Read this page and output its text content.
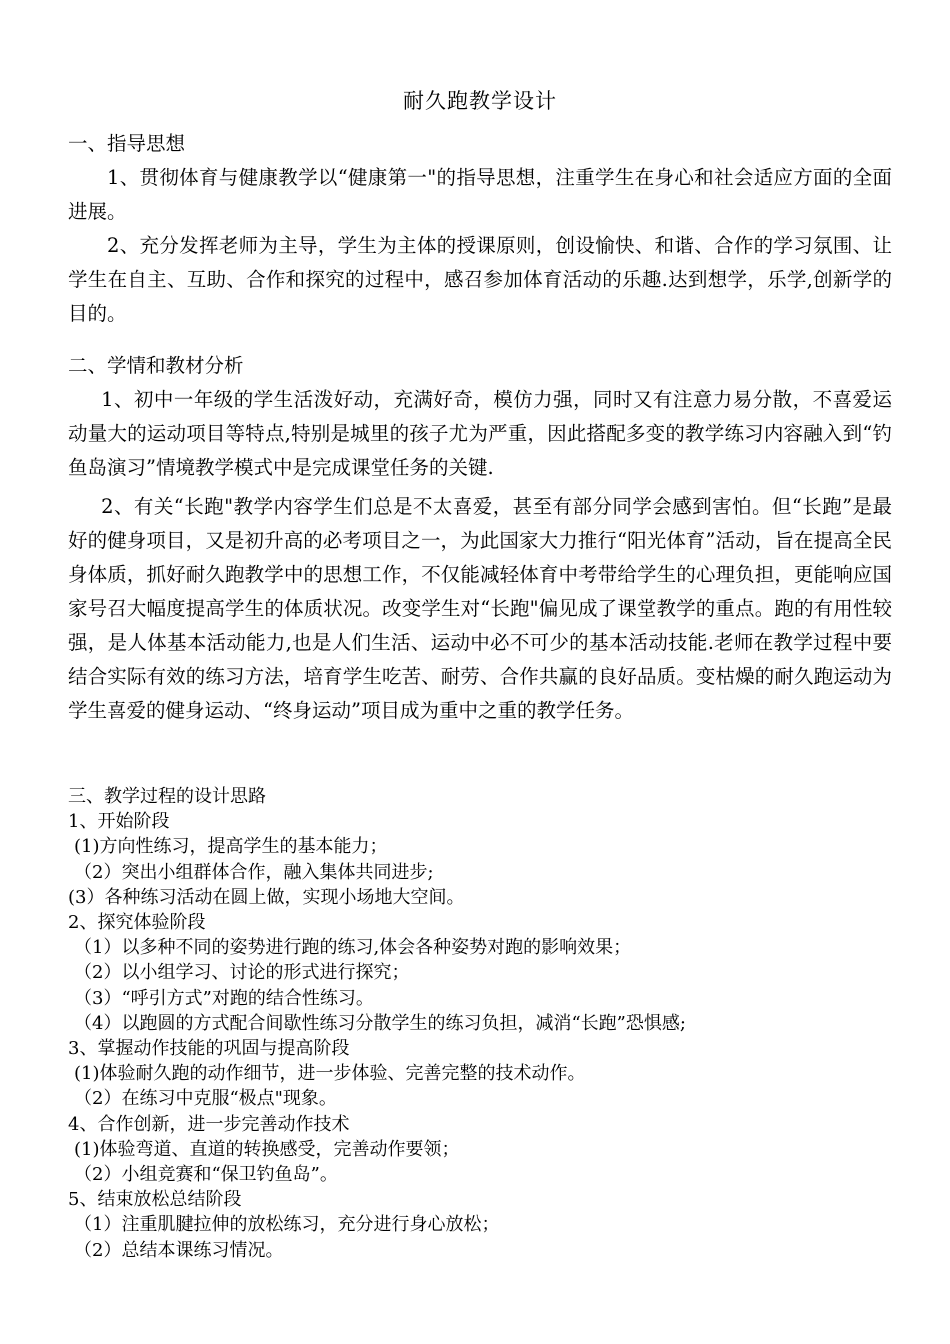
耐久跑教学设计

一、指导思想

1、贯彻体育与健康教学以“健康第一"的指导思想，注重学生在身心和社会适应方面的全面进展。

2、充分发挥老师为主导，学生为主体的授课原则，创设愉快、和谐、合作的学习氛围、让学生在自主、互助、合作和探究的过程中，感召参加体育活动的乐趣.达到想学，乐学,创新学的目的。

二、学情和教材分析

1、初中一年级的学生活泼好动，充满好奇，模仿力强，同时又有注意力易分散，不喜爱运动量大的运动项目等特点,特别是城里的孩子尤为严重，因此搭配多变的教学练习内容融入到“钓鱼岛演习”情境教学模式中是完成课堂任务的关键.

2、有关“长跑"教学内容学生们总是不太喜爱，甚至有部分同学会感到害怕。但“长跑”是最好的健身项目，又是初升高的必考项目之一，为此国家大力推行“阳光体育”活动，旨在提高全民身体质，抓好耐久跑教学中的思想工作，不仅能减轻体育中考带给学生的心理负担，更能响应国家号召大幅度提高学生的体质状况。改变学生对“长跑"偏见成了课堂教学的重点。跑的有用性较强，是人体基本活动能力,也是人们生活、运动中必不可少的基本活动技能.老师在教学过程中要结合实际有效的练习方法，培育学生吃苦、耐劳、合作共赢的良好品质。变枯燥的耐久跑运动为学生喜爱的健身运动、“终身运动”项目成为重中之重的教学任务。

三、教学过程的设计思路

1、开始阶段

(1)方向性练习，提高学生的基本能力；

（2）突出小组群体合作，融入集体共同进步;

(3）各种练习活动在圆上做，实现小场地大空间。

2、探究体验阶段

（1）以多种不同的姿势进行跑的练习,体会各种姿势对跑的影响效果；

（2）以小组学习、讨论的形式进行探究；

（3）“呼引方式”对跑的结合性练习。

（4）以跑圆的方式配合间歇性练习分散学生的练习负担，减消“长跑”恐惧感;

3、掌握动作技能的巩固与提高阶段

(1)体验耐久跑的动作细节，进一步体验、完善完整的技术动作。

（2）在练习中克服“极点"现象。

4、合作创新，进一步完善动作技术

(1)体验弯道、直道的转换感受，完善动作要领；

（2）小组竞赛和“保卫钓鱼岛”。

5、结束放松总结阶段

（1）注重肌腱拉伸的放松练习，充分进行身心放松；

（2）总结本课练习情况。
